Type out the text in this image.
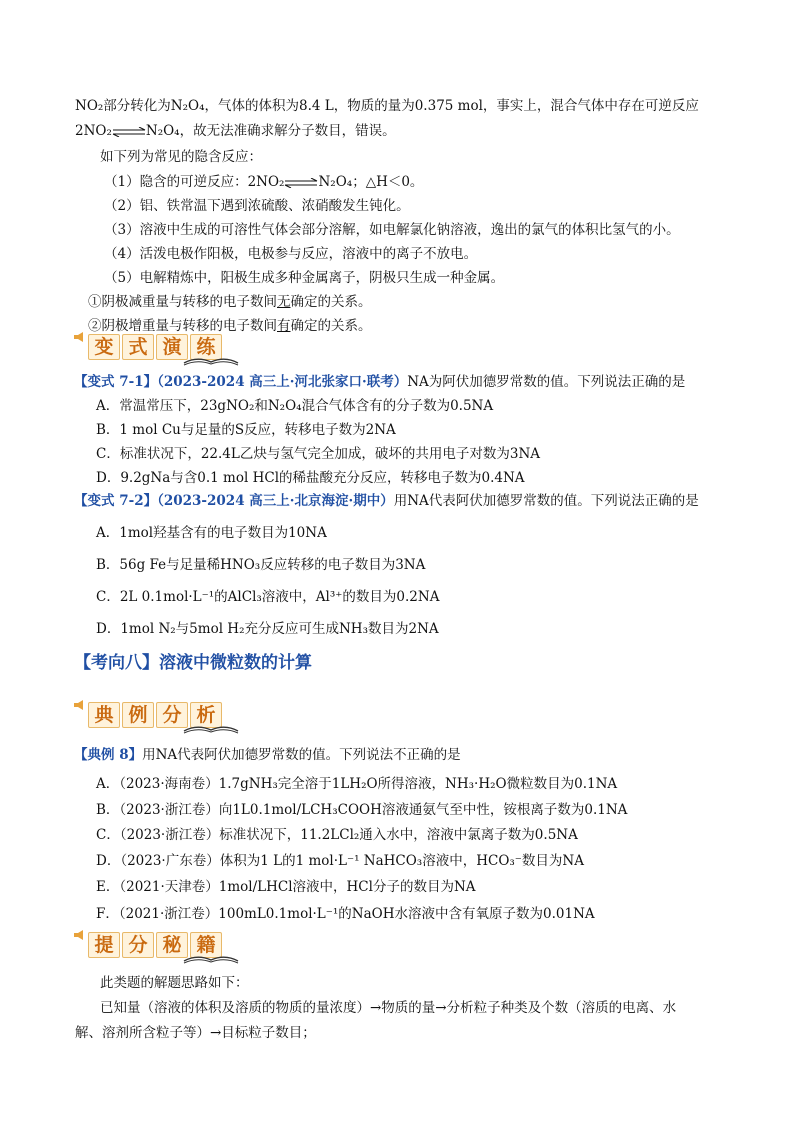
NO₂部分转化为N₂O₄，气体的体积为8.4 L，物质的量为0.375 mol，事实上，混合气体中存在可逆反应
2NO₂⇌N₂O₄，故无法准确求解分子数目，错误。
如下列为常见的隐含反应：
（1）隐含的可逆反应：2NO₂⇌N₂O₄；△H＜0。
（2）铝、铁常温下遇到浓硫酸、浓硝酸发生钝化。
（3）溶液中生成的可溶性气体会部分溶解，如电解氯化钠溶液，逸出的氯气的体积比氢气的小。
（4）活泼电极作阳极，电极参与反应，溶液中的离子不放电。
（5）电解精炼中，阳极生成多种金属离子，阴极只生成一种金属。
①阴极减重量与转移的电子数间无确定的关系。
②阴极增重量与转移的电子数间有确定的关系。
变 式 演 练
【变式 7-1】（2023-2024 高三上·河北张家口·联考）NA为阿伏加德罗常数的值。下列说法正确的是
A．常温常压下，23gNO₂和N₂O₄混合气体含有的分子数为0.5NA
B．1 mol Cu与足量的S反应，转移电子数为2NA
C．标准状况下，22.4L乙炔与氢气完全加成，破坏的共用电子对数为3NA
D．9.2gNa与含0.1 mol HCl的稀盐酸充分反应，转移电子数为0.4NA
【变式 7-2】（2023-2024 高三上·北京海淀·期中）用NA代表阿伏加德罗常数的值。下列说法正确的是
A．1mol羟基含有的电子数目为10NA
B．56g Fe与足量稀HNO₃反应转移的电子数目为3NA
C．2L 0.1mol·L⁻¹的AlCl₃溶液中，Al³⁺的数目为0.2NA
D．1mol N₂与5mol H₂充分反应可生成NH₃数目为2NA
【考向八】溶液中微粒数的计算
典 例 分 析
【典例 8】用NA代表阿伏加德罗常数的值。下列说法不正确的是
A．（2023·海南卷）1.7gNH₃完全溶于1LH₂O所得溶液，NH₃·H₂O微粒数目为0.1NA
B．（2023·浙江卷）向1L0.1mol/LCH₃COOH溶液通氨气至中性，铵根离子数为0.1NA
C．（2023·浙江卷）标准状况下，11.2LCl₂通入水中，溶液中氯离子数为0.5NA
D．（2023·广东卷）体积为1 L的1 mol·L⁻¹ NaHCO₃溶液中，HCO₃⁻数目为NA
E．（2021·天津卷）1mol/LHCl溶液中，HCl分子的数目为NA
F．（2021·浙江卷）100mL0.1mol·L⁻¹的NaOH水溶液中含有氧原子数为0.01NA
提 分 秘 籍
此类题的解题思路如下：
已知量（溶液的体积及溶质的物质的量浓度）→物质的量→分析粒子种类及个数（溶质的电离、水
解、溶剂所含粒子等）→目标粒子数目；
